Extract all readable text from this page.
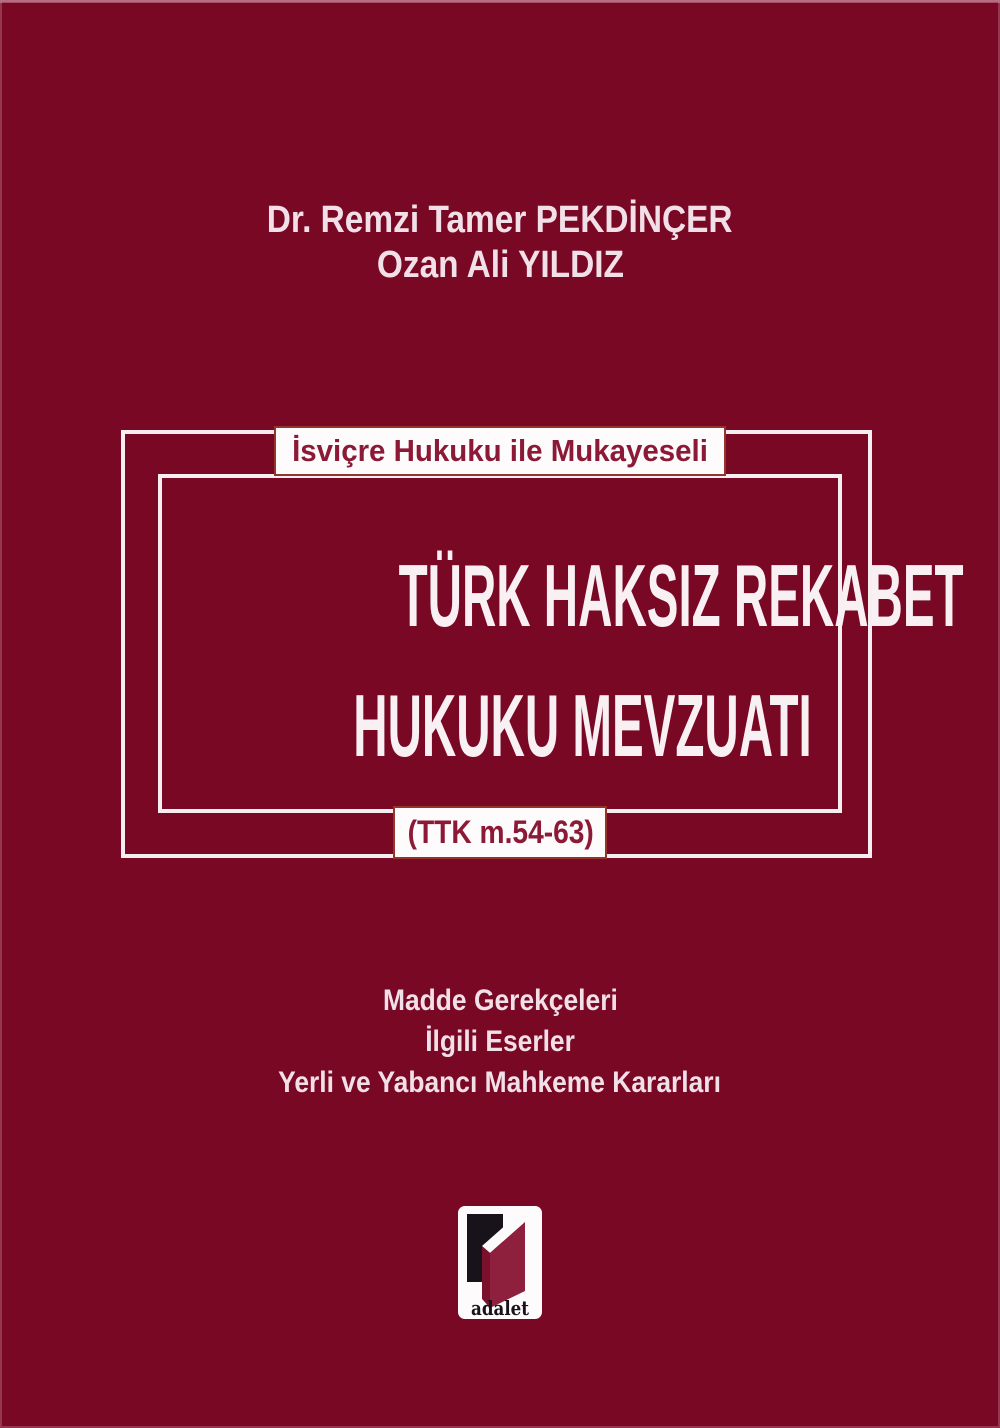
Dr. Remzi Tamer PEKDİNÇER
Ozan Ali YILDIZ
İsviçre Hukuku ile Mukayeseli
TÜRK HAKSIZ REKABET
HUKUKU MEVZUATI
(TTK m.54-63)
Madde Gerekçeleri
İlgili Eserler
Yerli ve Yabancı Mahkeme Kararları
adalet
